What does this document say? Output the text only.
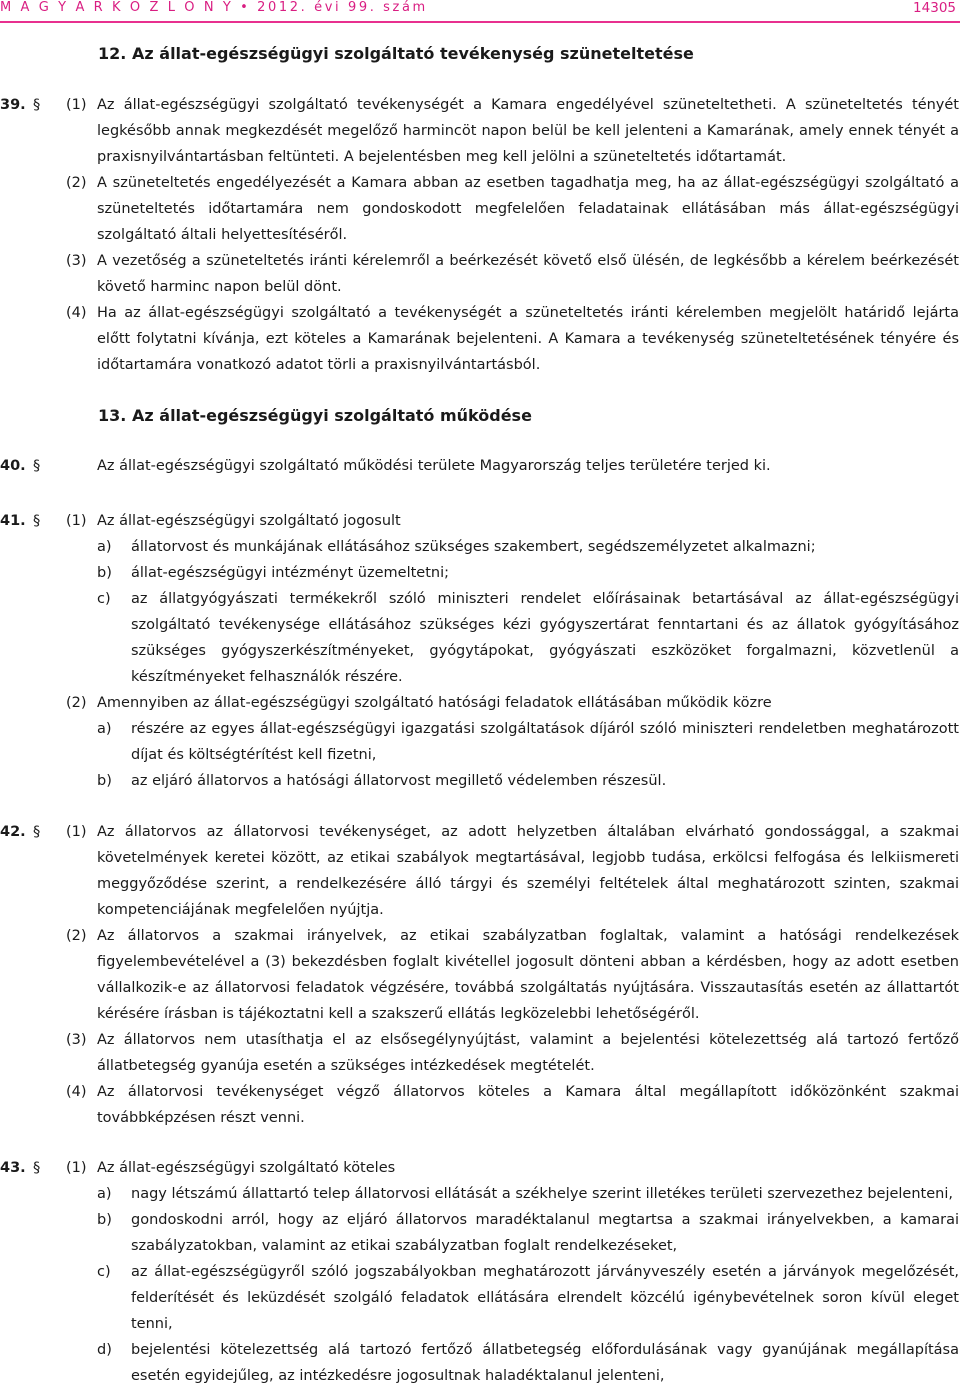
M A G Y A R K Ö Z L Ö N Y • 2012. évi 99. szám	14305
12. Az állat-egészségügyi szolgáltató tevékenység szüneteltetése
39. § (1) Az állat-egészségügyi szolgáltató tevékenységét a Kamara engedélyével szüneteltetheti. A szüneteltetés tényét legkésőbb annak megkezdését megelőző harmincöt napon belül be kell jelenteni a Kamarának, amely ennek tényét a praxisnyilvántartásban feltünteti. A bejelentésben meg kell jelölni a szüneteltetés időtartamát.
(2) A szüneteltetés engedélyezését a Kamara abban az esetben tagadhatja meg, ha az állat-egészségügyi szolgáltató a szüneteltetés időtartamára nem gondoskodott megfelelően feladatainak ellátásában más állat-egészségügyi szolgáltató általi helyettesítéséről.
(3) A vezetőség a szüneteltetés iránti kérelemről a beérkezését követő első ülésén, de legkésőbb a kérelem beérkezését követő harminc napon belül dönt.
(4) Ha az állat-egészségügyi szolgáltató a tevékenységét a szüneteltetés iránti kérelemben megjelölt határidő lejárta előtt folytatni kívánja, ezt köteles a Kamarának bejelenteni. A Kamara a tevékenység szüneteltetésének tényére és időtartamára vonatkozó adatot törli a praxisnyilvántartásból.
13. Az állat-egészségügyi szolgáltató működése
40. §	Az állat-egészségügyi szolgáltató működési területe Magyarország teljes területére terjed ki.
41. § (1) Az állat-egészségügyi szolgáltató jogosult
a) állatorvost és munkájának ellátásához szükséges szakembert, segédszemélyzetet alkalmazni;
b) állat-egészségügyi intézményt üzemeltetni;
c) az állatgyógyászati termékekről szóló miniszteri rendelet előírásainak betartásával az állat-egészségügyi szolgáltató tevékenysége ellátásához szükséges kézi gyógyszertárat fenntartani és az állatok gyógyításához szükséges gyógyszerkészítményeket, gyógytápokat, gyógyászati eszközöket forgalmazni, közvetlenül a készítményeket felhasználók részére.
(2) Amennyiben az állat-egészségügyi szolgáltató hatósági feladatok ellátásában működik közre
a) részére az egyes állat-egészségügyi igazgatási szolgáltatások díjáról szóló miniszteri rendeletben meghatározott díjat és költségtérítést kell fizetni,
b) az eljáró állatorvos a hatósági állatorvost megillető védelemben részesül.
42. § (1) Az állatorvos az állatorvosi tevékenységet, az adott helyzetben általában elvárható gondossággal, a szakmai követelmények keretei között, az etikai szabályok megtartásával, legjobb tudása, erkölcsi felfogása és lelkiismereti meggyőződése szerint, a rendelkezésére álló tárgyi és személyi feltételek által meghatározott szinten, szakmai kompetenciájának megfelelően nyújtja.
(2) Az állatorvos a szakmai irányelvek, az etikai szabályzatban foglaltak, valamint a hatósági rendelkezések figyelembevételével a (3) bekezdésben foglalt kivétellel jogosult dönteni abban a kérdésben, hogy az adott esetben vállalkozik-e az állatorvosi feladatok végzésére, továbbá szolgáltatás nyújtására. Visszautasítás esetén az állattartót kérésére írásban is tájékoztatni kell a szakszerű ellátás legközelebbi lehetőségéről.
(3) Az állatorvos nem utasíthatja el az elsősegélynyújtást, valamint a bejelentési kötelezettség alá tartozó fertőző állatbetegség gyanúja esetén a szükséges intézkedések megtételét.
(4) Az állatorvosi tevékenységet végző állatorvos köteles a Kamara által megállapított időközönként szakmai továbbképzésen részt venni.
43. § (1) Az állat-egészségügyi szolgáltató köteles
a) nagy létszámú állattartó telep állatorvosi ellátását a székhelye szerint illetékes területi szervezethez bejelenteni,
b) gondoskodni arról, hogy az eljáró állatorvos maradéktalanul megtartsa a szakmai irányelvekben, a kamarai szabályzatokban, valamint az etikai szabályzatban foglalt rendelkezéseket,
c) az állat-egészségügyről szóló jogszabályokban meghatározott járványveszély esetén a járványok megelőzését, felderítését és leküzdését szolgáló feladatok ellátására elrendelt közcélú igénybevételnek soron kívül eleget tenni,
d) bejelentési kötelezettség alá tartozó fertőző állatbetegség előfordulásának vagy gyanújának megállapítása esetén egyidejűleg, az intézkedésre jogosultnak haladéktalanul jelenteni,
